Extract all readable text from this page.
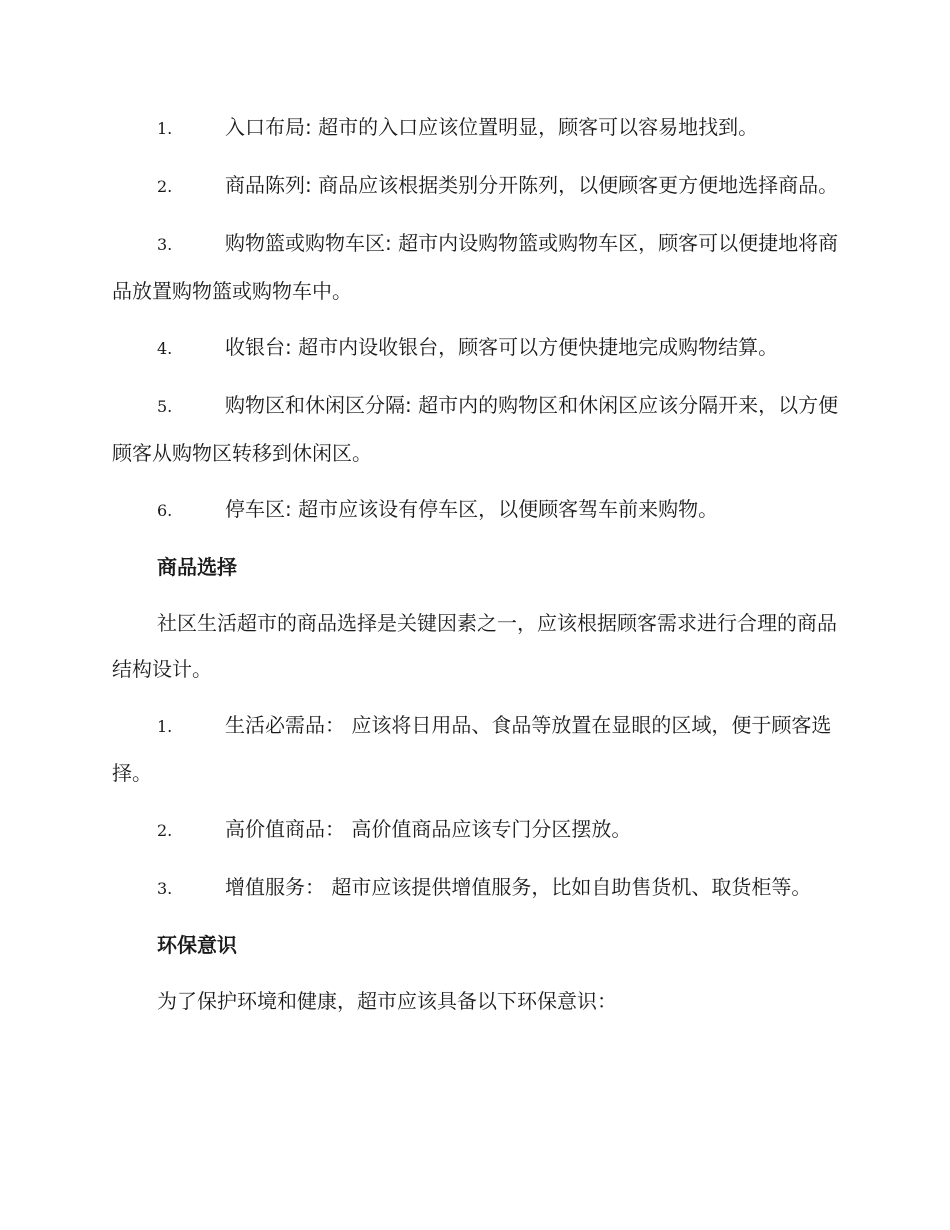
1.	入口布局: 超市的入口应该位置明显，顾客可以容易地找到。
2.	商品陈列: 商品应该根据类别分开陈列，以便顾客更方便地选择商品。
3.	购物篮或购物车区: 超市内设购物篮或购物车区，顾客可以便捷地将商品放置购物篮或购物车中。
4.	收银台: 超市内设收银台，顾客可以方便快捷地完成购物结算。
5.	购物区和休闲区分隔: 超市内的购物区和休闲区应该分隔开来，以方便顾客从购物区转移到休闲区。
6.	停车区: 超市应该设有停车区，以便顾客驾车前来购物。
商品选择
社区生活超市的商品选择是关键因素之一，应该根据顾客需求进行合理的商品结构设计。
1.	生活必需品： 应该将日用品、食品等放置在显眼的区域，便于顾客选择。
2.	高价值商品： 高价值商品应该专门分区摆放。
3.	增值服务： 超市应该提供增值服务，比如自助售货机、取货柜等。
环保意识
为了保护环境和健康，超市应该具备以下环保意识：
